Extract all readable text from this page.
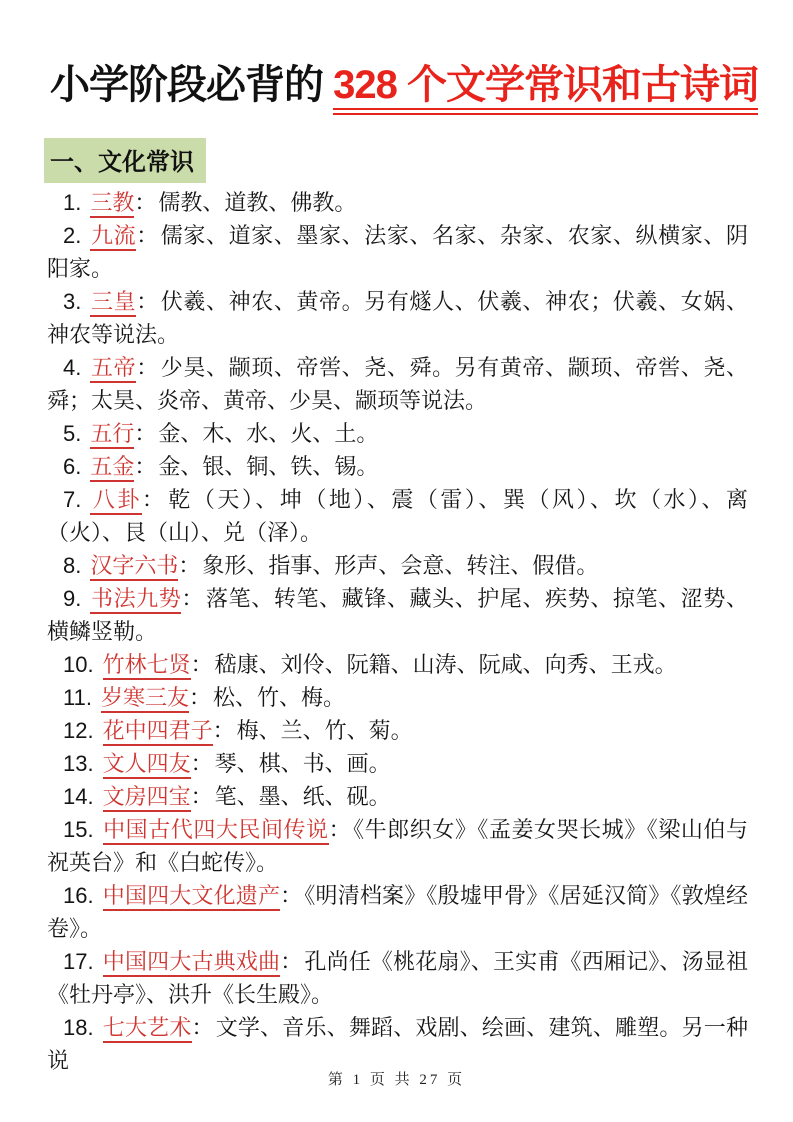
小学阶段必背的 328 个文学常识和古诗词
一、文化常识

1. 三教：儒教、道教、佛教。

2. 九流：儒家、道家、墨家、法家、名家、杂家、农家、纵横家、阴阳家。

3. 三皇：伏羲、神农、黄帝。另有燧人、伏羲、神农；伏羲、女娲、神农等说法。

4. 五帝：少昊、颛顼、帝喾、尧、舜。另有黄帝、颛顼、帝喾、尧、舜；太昊、炎帝、黄帝、少昊、颛顼等说法。

5. 五行：金、木、水、火、土。

6. 五金：金、银、铜、铁、锡。

7. 八卦：乾（天）、坤（地）、震（雷）、巽（风）、坎（水）、离（火）、艮（山）、兑（泽）。

8. 汉字六书：象形、指事、形声、会意、转注、假借。

9. 书法九势：落笔、转笔、藏锋、藏头、护尾、疾势、掠笔、涩势、横鳞竖勒。

10. 竹林七贤：嵇康、刘伶、阮籍、山涛、阮咸、向秀、王戎。

11. 岁寒三友：松、竹、梅。

12. 花中四君子：梅、兰、竹、菊。

13. 文人四友：琴、棋、书、画。

14. 文房四宝：笔、墨、纸、砚。

15. 中国古代四大民间传说：《牛郎织女》《孟姜女哭长城》《梁山伯与祝英台》和《白蛇传》。

16. 中国四大文化遗产：《明清档案》《殷墟甲骨》《居延汉简》《敦煌经卷》。

17. 中国四大古典戏曲：孔尚任《桃花扇》、王实甫《西厢记》、汤显祖《牡丹亭》、洪升《长生殿》。

18. 七大艺术：文学、音乐、舞蹈、戏剧、绘画、建筑、雕塑。另一种说

第 1 页 共 27 页
